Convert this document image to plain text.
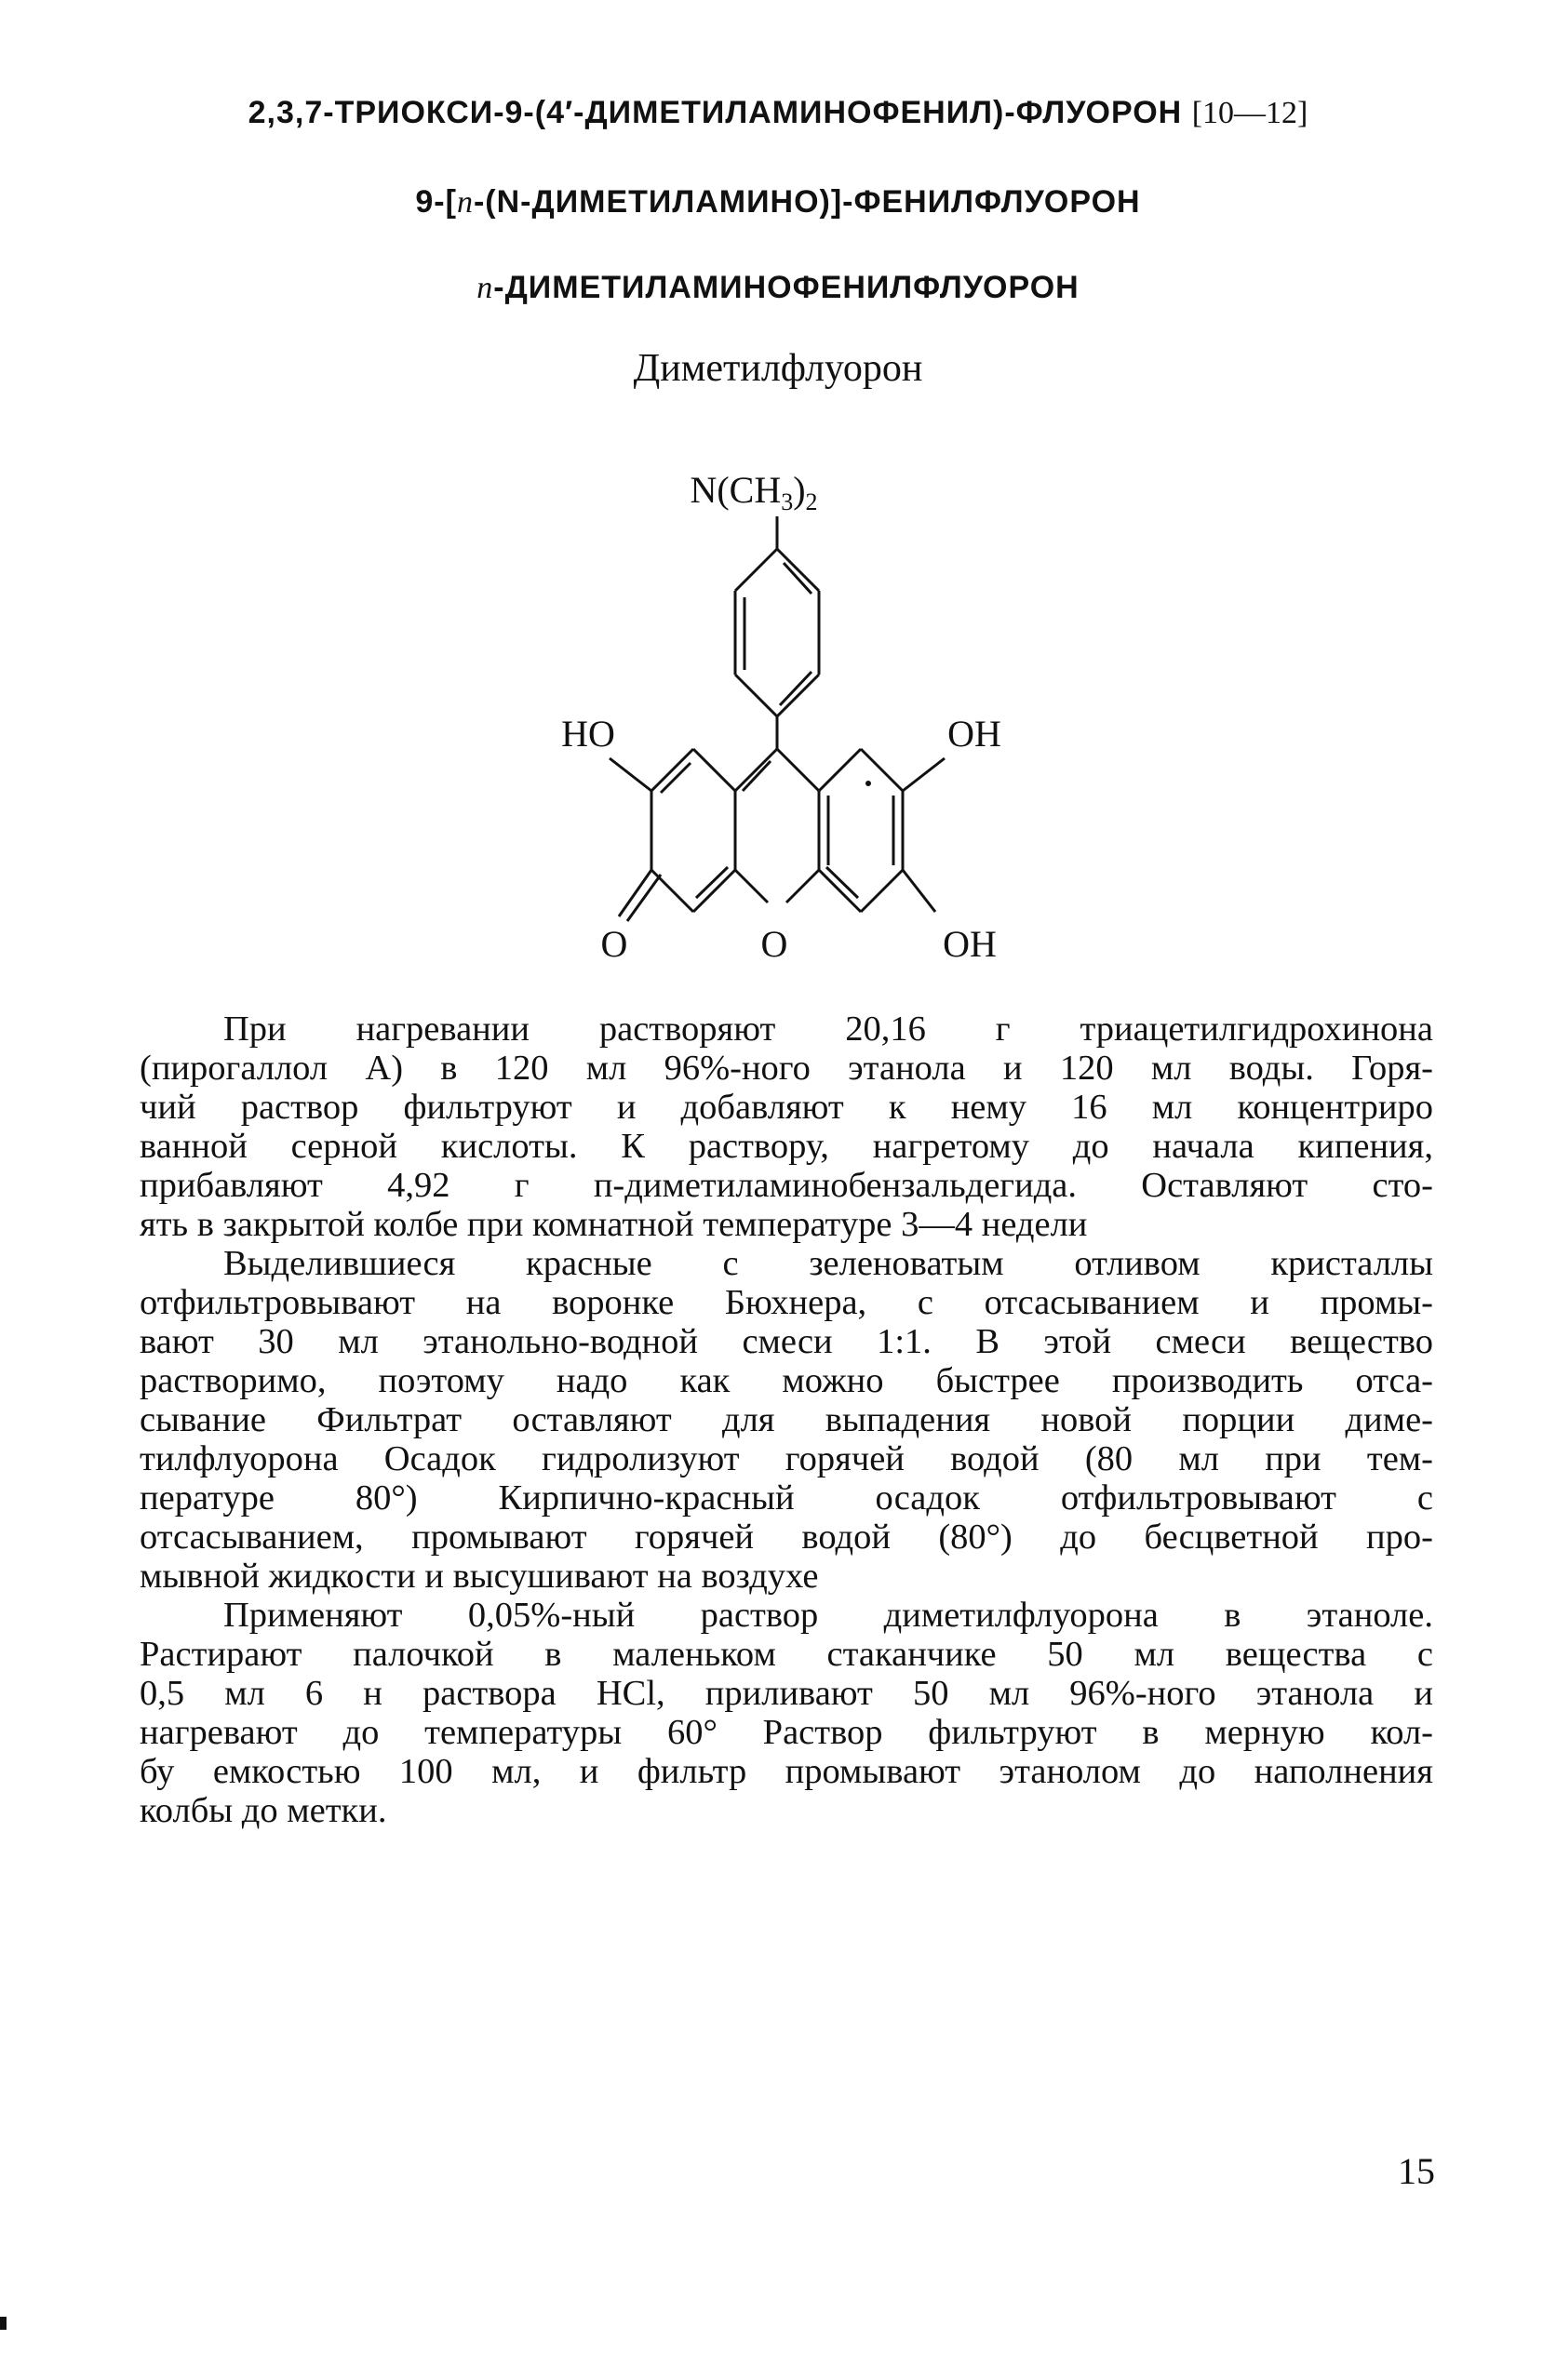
2,3,7-ТРИОКСИ-9-(4′-ДИМЕТИЛАМИНОФЕНИЛ)-ФЛУОРОН [10—12]
9-[n-(N-ДИМЕТИЛАМИНО)]-ФЕНИЛФЛУОРОН
n-ДИМЕТИЛАМИНОФЕНИЛФЛУОРОН
Диметилфлуорон
$N(CH_3)_2$
HO	OH
O	O	OH
При нагревании растворяют 20,16 г триацетилгидрохинона
(пирогаллол А) в 120 мл 96%-ного этанола и 120 мл воды. Горя-
чий раствор фильтруют и добавляют к нему 16 мл концентриро
ванной серной кислоты. К раствору, нагретому до начала кипения,
прибавляют 4,92 г п-диметиламинобензальдегида. Оставляют сто-
ять в закрытой колбе при комнатной температуре 3—4 недели
Выделившиеся красные с зеленоватым отливом кристаллы
отфильтровывают на воронке Бюхнера, с отсасыванием и промы-
вают 30 мл этанольно-водной смеси 1:1. В этой смеси вещество
растворимо, поэтому надо как можно быстрее производить отса-
сывание Фильтрат оставляют для выпадения новой порции диме-
тилфлуорона Осадок гидролизуют горячей водой (80 мл при тем-
пературе 80°) Кирпично-красный осадок отфильтровывают с
отсасыванием, промывают горячей водой (80°) до бесцветной про-
мывной жидкости и высушивают на воздухе
Применяют 0,05%-ный раствор диметилфлуорона в этаноле.
Растирают палочкой в маленьком стаканчике 50 мл вещества с
0,5 мл 6 н раствора HCl, приливают 50 мл 96%-ного этанола и
нагревают до температуры 60° Раствор фильтруют в мерную кол-
бу емкостью 100 мл, и фильтр промывают этанолом до наполнения
колбы до метки.
15
